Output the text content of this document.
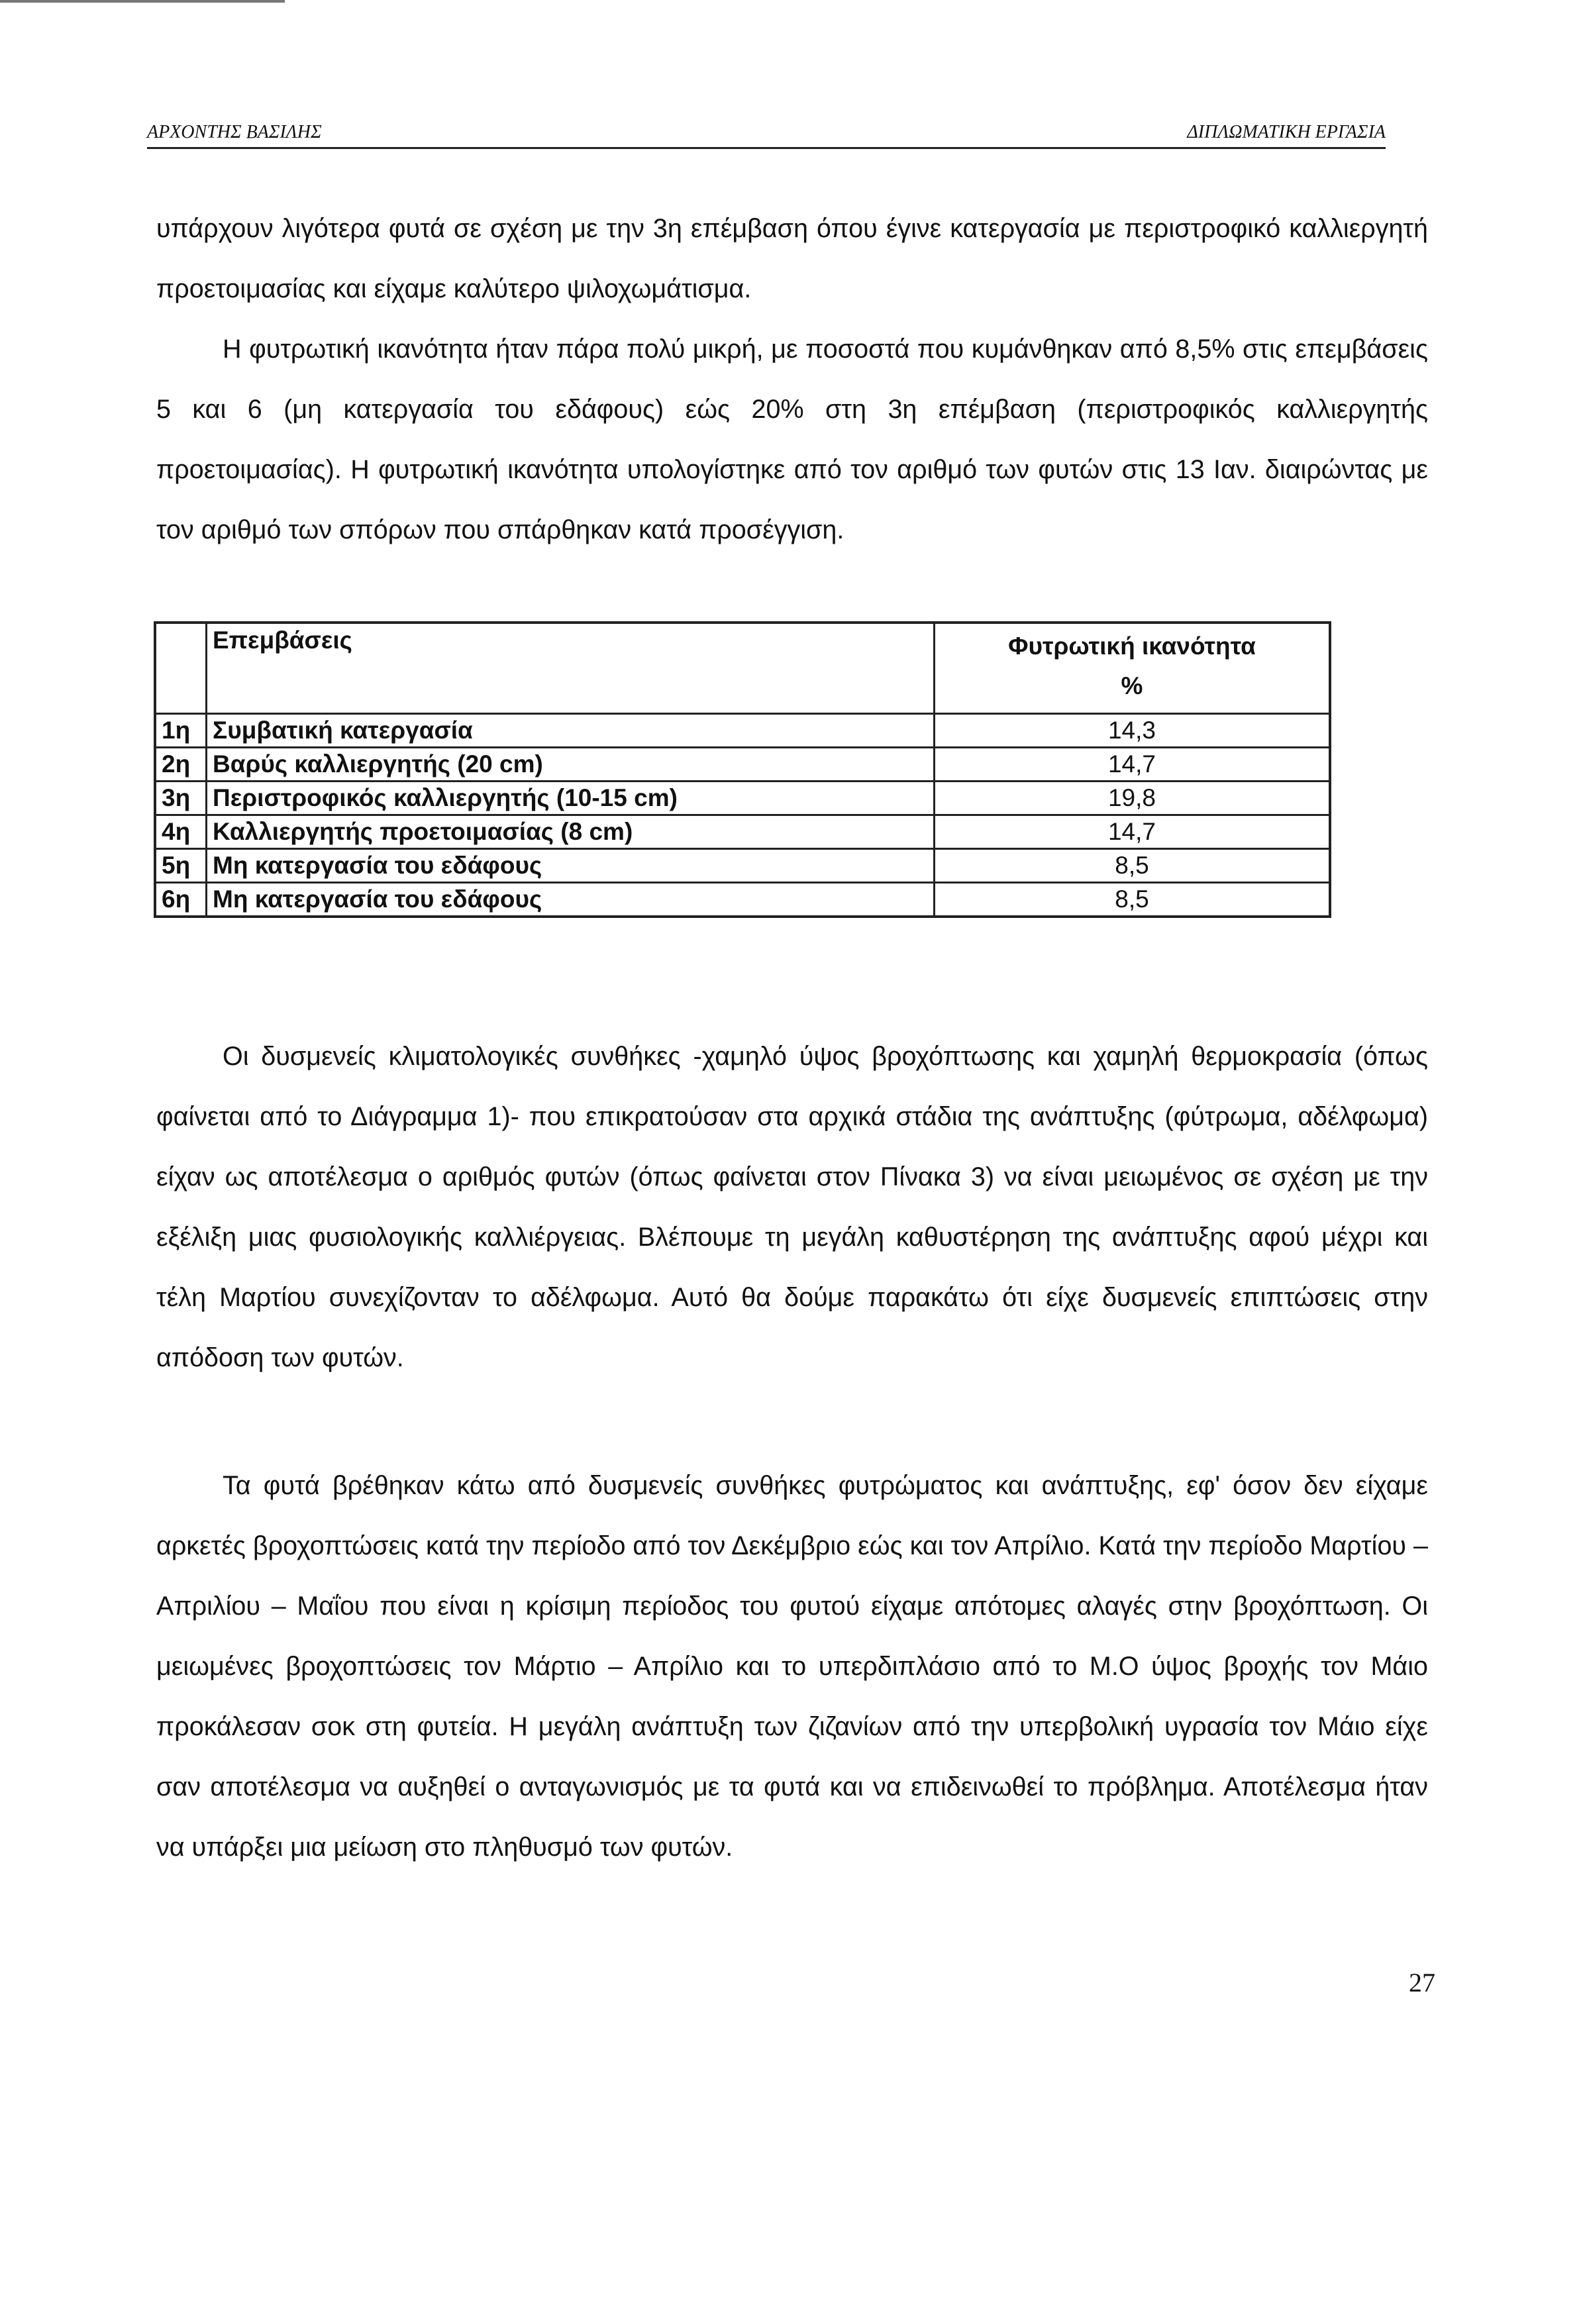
ΑΡΧΟΝΤΗΣ ΒΑΣΙΛΗΣ	ΔΙΠΛΩΜΑΤΙΚΗ ΕΡΓΑΣΙΑ

υπάρχουν λιγότερα φυτά σε σχέση με την 3η επέμβαση όπου έγινε κατεργασία με περιστροφικό καλλιεργητή προετοιμασίας και είχαμε καλύτερο ψιλοχωμάτισμα.

Η φυτρωτική ικανότητα ήταν πάρα πολύ μικρή, με ποσοστά που κυμάνθηκαν από 8,5% στις επεμβάσεις 5 και 6 (μη κατεργασία του εδάφους) εώς 20% στη 3η επέμβαση (περιστροφικός καλλιεργητής προετοιμασίας). Η φυτρωτική ικανότητα υπολογίστηκε από τον αριθμό των φυτών στις 13 Ιαν. διαιρώντας με τον αριθμό των σπόρων που σπάρθηκαν κατά προσέγγιση.

	Επεμβάσεις	Φυτρωτική ικανότητα
%

1η	Συμβατική κατεργασία	14,3
2η	Βαρύς καλλιεργητής (20 cm)	14,7
3η	Περιστροφικός καλλιεργητής (10-15 cm)	19,8
4η	Καλλιεργητής προετοιμασίας (8 cm)	14,7
5η	Μη κατεργασία του εδάφους	8,5
6η	Μη κατεργασία του εδάφους	8,5

Οι δυσμενείς κλιματολογικές συνθήκες -χαμηλό ύψος βροχόπτωσης και χαμηλή θερμοκρασία (όπως φαίνεται από το Διάγραμμα 1)- που επικρατούσαν στα αρχικά στάδια της ανάπτυξης (φύτρωμα, αδέλφωμα) είχαν ως αποτέλεσμα ο αριθμός φυτών (όπως φαίνεται στον Πίνακα 3) να είναι μειωμένος σε σχέση με την εξέλιξη μιας φυσιολογικής καλλιέργειας. Βλέπουμε τη μεγάλη καθυστέρηση της ανάπτυξης αφού μέχρι και τέλη Μαρτίου συνεχίζονταν το αδέλφωμα. Αυτό θα δούμε παρακάτω ότι είχε δυσμενείς επιπτώσεις στην απόδοση των φυτών.

Τα φυτά βρέθηκαν κάτω από δυσμενείς συνθήκες φυτρώματος και ανάπτυξης, εφ' όσον δεν είχαμε αρκετές βροχοπτώσεις κατά την περίοδο από τον Δεκέμβριο εώς και τον Απρίλιο. Κατά την περίοδο Μαρτίου – Απριλίου – Μαΐου που είναι η κρίσιμη περίοδος του φυτού είχαμε απότομες αλαγές στην βροχόπτωση. Οι μειωμένες βροχοπτώσεις τον Μάρτιο – Απρίλιο και το υπερδιπλάσιο από το Μ.Ο ύψος βροχής τον Μάιο προκάλεσαν σοκ στη φυτεία. Η μεγάλη ανάπτυξη των ζιζανίων από την υπερβολική υγρασία τον Μάιο είχε σαν αποτέλεσμα να αυξηθεί ο ανταγωνισμός με τα φυτά και να επιδεινωθεί το πρόβλημα. Αποτέλεσμα ήταν να υπάρξει μια μείωση στο πληθυσμό των φυτών.

27
